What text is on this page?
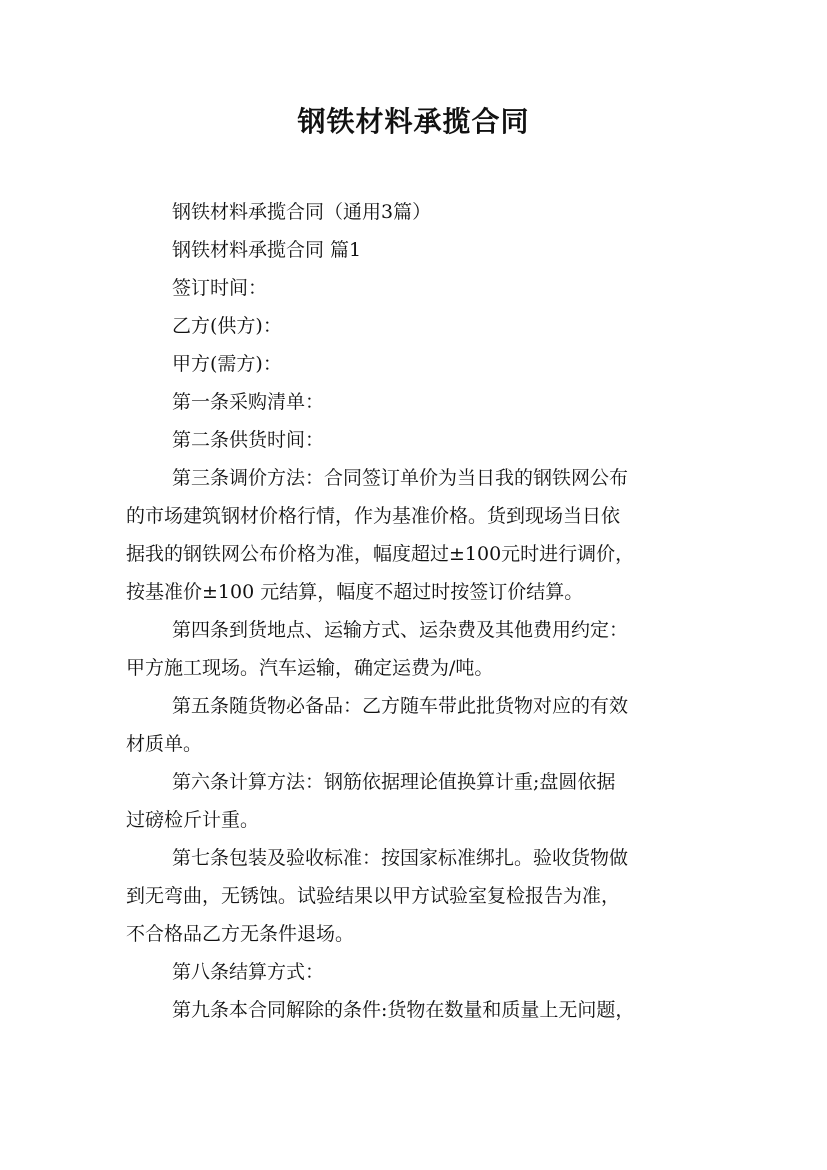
钢铁材料承揽合同

钢铁材料承揽合同（通用3篇）

钢铁材料承揽合同 篇1

签订时间：

乙方(供方)：

甲方(需方)：

第一条采购清单：

第二条供货时间：

第三条调价方法：合同签订单价为当日我的钢铁网公布

的市场建筑钢材价格行情，作为基准价格。货到现场当日依

据我的钢铁网公布价格为准，幅度超过±100元时进行调价，

按基准价±100 元结算，幅度不超过时按签订价结算。

第四条到货地点、运输方式、运杂费及其他费用约定：

甲方施工现场。汽车运输，确定运费为/吨。

第五条随货物必备品：乙方随车带此批货物对应的有效

材质单。

第六条计算方法：钢筋依据理论值换算计重;盘圆依据

过磅检斤计重。

第七条包装及验收标准：按国家标准绑扎。验收货物做

到无弯曲，无锈蚀。试验结果以甲方试验室复检报告为准，

不合格品乙方无条件退场。

第八条结算方式：

第九条本合同解除的条件:货物在数量和质量上无问题，
